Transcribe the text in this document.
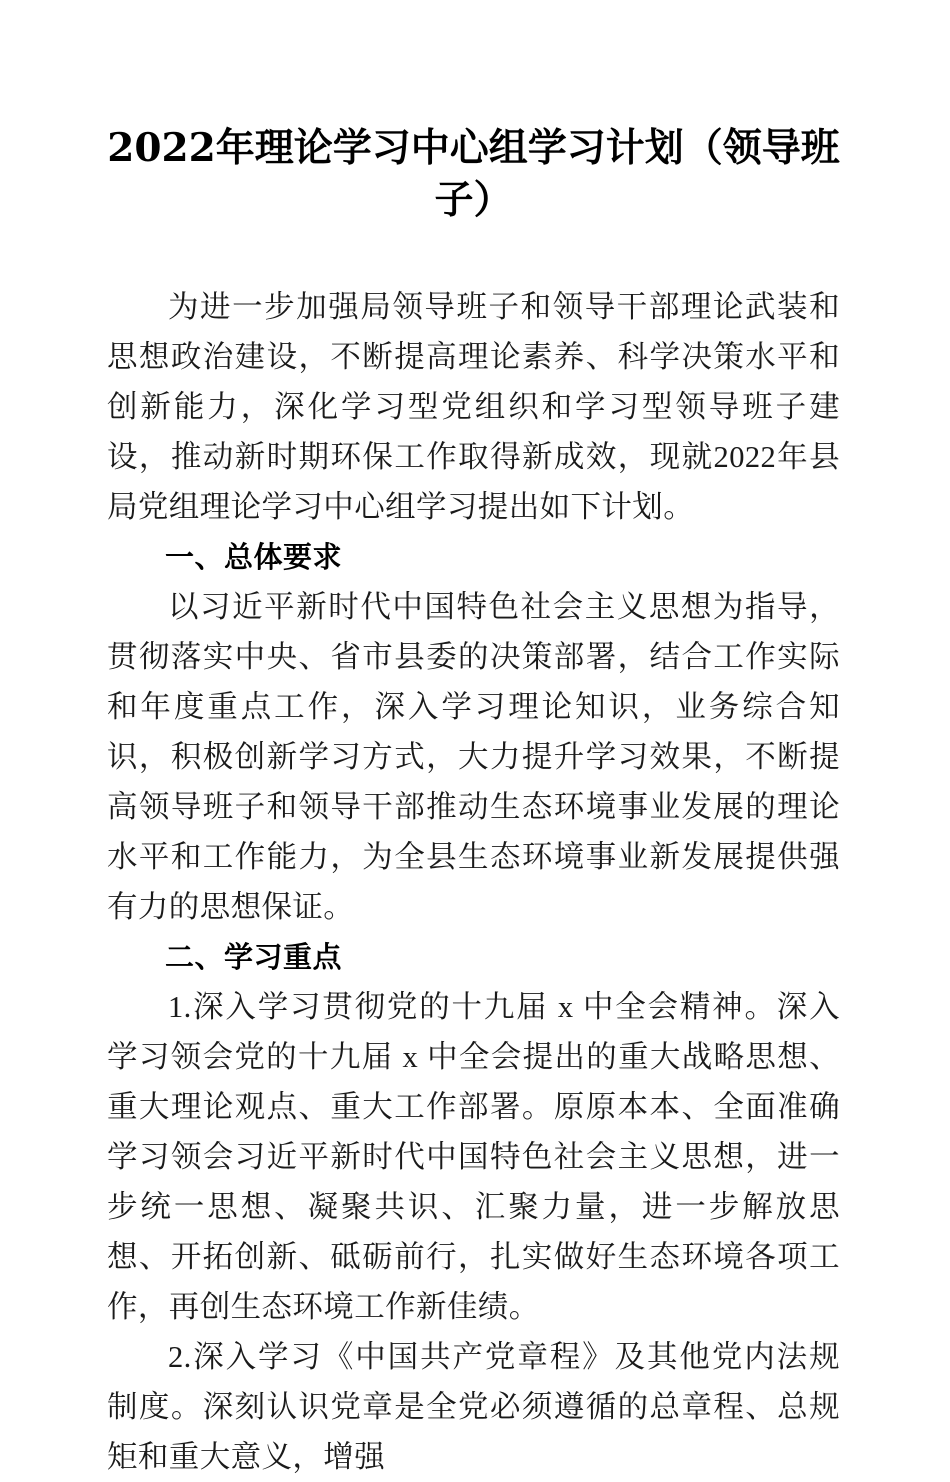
2022年理论学习中心组学习计划（领导班
子）

为进一步加强局领导班子和领导干部理论武装和思想政治建设，不断提高理论素养、科学决策水平和创新能力，深化学习型党组织和学习型领导班子建设，推动新时期环保工作取得新成效，现就2022年县局党组理论学习中心组学习提出如下计划。

一、总体要求

以习近平新时代中国特色社会主义思想为指导，贯彻落实中央、省市县委的决策部署，结合工作实际和年度重点工作，深入学习理论知识，业务综合知识，积极创新学习方式，大力提升学习效果，不断提高领导班子和领导干部推动生态环境事业发展的理论水平和工作能力，为全县生态环境事业新发展提供强有力的思想保证。

二、学习重点

1.深入学习贯彻党的十九届 x 中全会精神。深入学习领会党的十九届 x 中全会提出的重大战略思想、重大理论观点、重大工作部署。原原本本、全面准确学习领会习近平新时代中国特色社会主义思想，进一步统一思想、凝聚共识、汇聚力量，进一步解放思想、开拓创新、砥砺前行，扎实做好生态环境各项工作，再创生态环境工作新佳绩。

2.深入学习《中国共产党章程》及其他党内法规制度。深刻认识党章是全党必须遵循的总章程、总规矩和重大意义，增强
